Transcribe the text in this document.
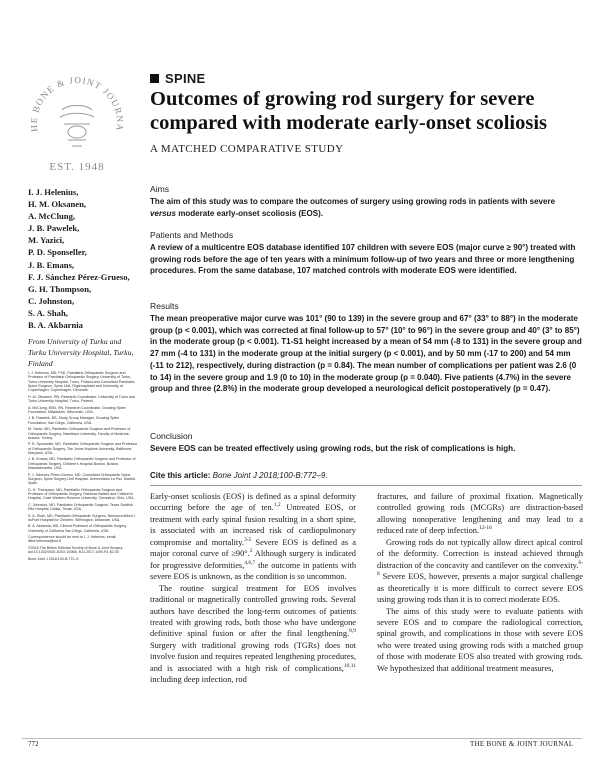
HE BONE & JOINT JOURNA
EST. 1948
SPINE
Outcomes of growing rod surgery for severe compared with moderate early-onset scoliosis
A MATCHED COMPARATIVE STUDY
I. J. Helenius,
H. M. Oksanen,
A. McClung,
J. B. Pawelek,
M. Yazici,
P. D. Sponseller,
J. B. Emans,
F. J. Sánchez Pérez-Grueso,
G. H. Thompson,
C. Johnston,
S. A. Shah,
B. A. Akbarnia
From University of Turku and Turku University Hospital, Turku, Finland
I. J. Helenius, MD, PhD, Paediatric Orthopaedic Surgeon and Professor of Paediatric Orthopaedic Surgery, University of Turku, Turku University Hospital, Turku, Finland and Consultant Paediatric Spine Surgeon, Spine Unit, Rigshospitalet and University of Copenhagen, Copenhagen, Denmark.
H. M. Oksanen, RN, Research Coordinator, University of Turku and Turku University Hospital, Turku, Finland.
A. McClung, BSN, RN, Research Coordinator, Growing Spine Foundation, Milwaukee, Wisconsin, USA.
J. B. Pawelek, BS, Study Group Manager, Growing Spine Foundation, San Diego, California, USA.
M. Yazici, MD, Paediatric Orthopaedic Surgeon and Professor of Orthopaedic Surgery, Hacettepe University, Faculty of Medicine, Ankara, Turkey.
P. D. Sponseller, MD, Paediatric Orthopaedic Surgeon and Professor of Orthopaedic Surgery, The Johns Hopkins University, Baltimore, Maryland, USA.
J. B. Emans, MD, Paediatric Orthopaedic Surgeon and Professor of Orthopaedic Surgery, Children's Hospital Boston, Boston, Massachusetts, USA.
F. J. Sánchez Pérez-Grueso, MD, Consultant Orthopaedic Spine Surgeon, Spine Surgery Unit Hospital, Universitario La Paz, Madrid, Spain.
G. H. Thompson, MD, Paediatric Orthopaedic Surgeon and Professor of Orthopaedic Surgery, Rainbow Babies and Children's Hospital, Case Western Reserve University, Cleveland, Ohio, USA.
C. Johnston, MD, Paediatric Orthopaedic Surgeon, Texas Scottish Rite Hospital, Dallas, Texas, USA.
S. A. Shah, MD, Paediatric Orthopaedic Surgeon, Nemours/Alfred I. duPont Hospital for Children, Wilmington, Delaware, USA.
B. A. Akbarnia, MD, Clinical Professor of Orthopaedic Surgery, University of California San Diego, California, USA.
Correspondence should be sent to I. J. Helenius; email: ilkka.helenius@utu.fi
©2018 The British Editorial Society of Bone & Joint Surgery doi:10.1302/0301-620X.100B6. BJJ-2017-1490.R1 $2.00
Bone Joint J 2018;100-B:772–9.
Aims
The aim of this study was to compare the outcomes of surgery using growing rods in patients with severe versus moderate early-onset scoliosis (EOS).
Patients and Methods
A review of a multicentre EOS database identified 107 children with severe EOS (major curve ≥ 90°) treated with growing rods before the age of ten years with a minimum follow-up of two years and three or more lengthening procedures. From the same database, 107 matched controls with moderate EOS were identified.
Results
The mean preoperative major curve was 101° (90 to 139) in the severe group and 67° (33° to 88°) in the moderate group (p < 0.001), which was corrected at final follow-up to 57° (10° to 96°) in the severe group and 40° (3° to 85°) in the moderate group (p < 0.001). T1-S1 height increased by a mean of 54 mm (-8 to 131) in the severe group and 27 mm (-4 to 131) in the moderate group at the initial surgery (p < 0.001), and by 50 mm (-17 to 200) and 54 mm (-11 to 212), respectively, during distraction (p = 0.84). The mean number of complications per patient was 2.6 (0 to 14) in the severe group and 1.9 (0 to 10) in the moderate group (p = 0.040). Five patients (4.7%) in the severe group and three (2.8%) in the moderate group developed a neurological deficit postoperatively (p = 0.47).
Conclusion
Severe EOS can be treated effectively using growing rods, but the risk of complications is high.
Cite this article: Bone Joint J 2018;100-B:772–9.

Early-onset scoliosis (EOS) is defined as a spinal deformity occurring before the age of ten.$^{1,2}$ Untreated EOS, or treatment with early spinal fusion resulting in a short spine, is associated with an increased risk of cardiopulmonary compromise and mortality.$^{3-5}$ Severe EOS is defined as a major coronal curve of ≥90°.$^2$ Although surgery is indicated for progressive deformities,$^{4,6,7}$ the outcome in patients with severe EOS is unknown, as the condition is so uncommon.

The routine surgical treatment for EOS involves traditional or magnetically controlled growing rods. Several authors have described the long-term outcomes of patients treated with growing rods, both those who have undergone definitive spinal fusion or after the final lengthening.$^{8,9}$ Surgery with traditional growing rods (TGRs) does not involve fusion and requires repeated lengthening procedures, and is associated with a high risk of complications,$^{10,11}$ including deep infection, rod

fractures, and failure of proximal fixation. Magnetically controlled growing rods (MCGRs) are distraction-based allowing nonoperative lengthening and may lead to a reduced rate of deep infection.$^{12-16}$

Growing rods do not typically allow direct apical control of the deformity. Correction is instead achieved through distraction of the concavity and cantilever on the convexity.$^{6-8}$ Severe EOS, however, presents a major surgical challenge as theoretically it is more difficult to correct severe EOS using growing rods than it is to correct moderate EOS.

The aims of this study were to evaluate patients with severe EOS and to compare the radiological correction, spinal growth, and complications in those with severe EOS who were treated using growing rods with a matched group of those with moderate EOS also treated with growing rods. We hypothesized that additional treatment measures,

772	THE BONE & JOINT JOURNAL
